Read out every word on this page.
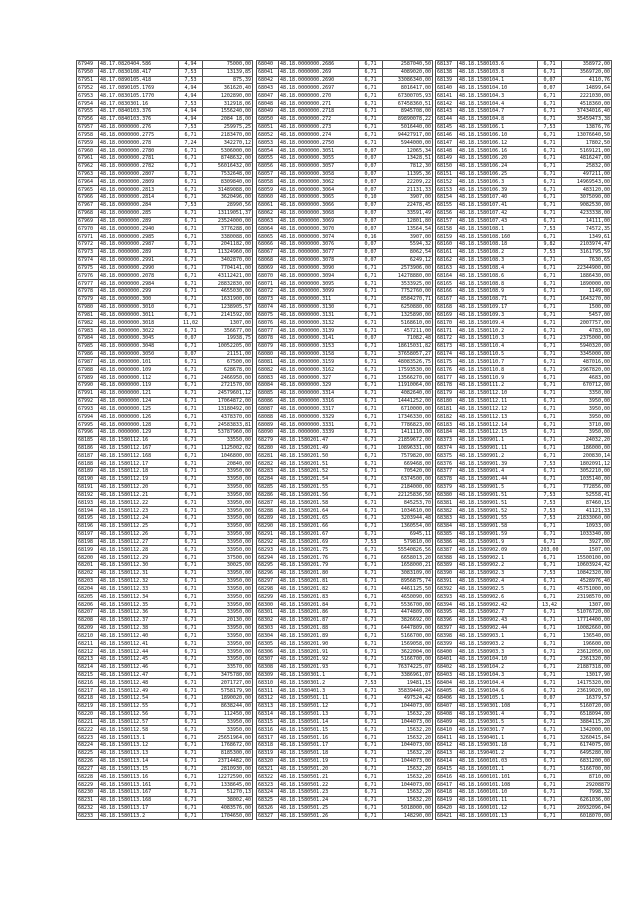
67949	48.17.0820404.586	4,94	75000,00
67950	48.17.0830108.417	7,53	13139,85
67951	48.17.0890105.418	7,53	875,39
67952	48.17.0890105.1769	4,94	361620,40
67953	48.17.0830105.1770	4,94	1202890,00
67954	48.17.0830301.16	7,53	312918,06
67955	48.17.0840103.376	4,94	1556240,00
67956	48.17.0840103.376	4,94	2084 18,00
67957	48.18.0000000.276	7,53	259975,25
67958	48.18.0000000.2775	6,71	2183470,00
67959	48.18.0000000.278	7,24	342270,12
67960	48.18.0000000.2780	6,71	5306000,00
67961	48.18.0000000.2781	6,71	8748632,00
67962	48.18.0000000.2782	6,71	56016432,00
67963	48.18.0000000.2807	6,71	7532648,00
67964	48.18.0000000.2809	6,71	8309840,00
67965	48.18.0000000.2813	6,71	31489088,00
67966	48.18.0000000.2814	6,71	3620496,00
67967	48.18.0000000.284	7,53	28990,56
67968	48.18.0000000.285	6,71	13119051,37
67969	48.18.0000000.289	6,71	23524000,00
67970	48.18.0000000.2940	6,71	3776288,00
67971	48.18.0000000.2985	6,71	3380088,00
67972	48.18.0000000.2987	6,71	2041182,00
67973	48.18.0000000.289	6,71	11324960,00
67974	48.18.0000000.2991	6,71	3402870,00
67975	48.18.0000000.2990	6,71	7704141,00
67976	48.18.0000000.2078	6,71	43112421,00
67977	48.18.0000000.2984	6,71	28832830,00
67978	48.18.0000000.299	6,71	4655030,00
67979	48.18.0000000.300	6,71	1631900,00
67980	48.18.0000000.3010	6,71	1238905,57
67981	48.18.0000000.3011	6,71	2141592,00
67982	48.18.0000000.3018	11,02	1307,00
67983	48.18.0000000.3022	6,71	356677,00
67984	48.18.0000000.3045	0,07	19938,75
67985	48.18.0000000.3048	6,71	10052205,00
67986	48.18.0000000.3050	0,07	21151,00
67987	48.18.0000000.101	6,71	67500,00
67988	48.18.0000000.109	6,71	628678,00
67989	48.18.0000000.112	6,71	2466950,00
67990	48.18.0000000.119	6,71	2721570,00
67991	48.18.0000000.121	6,71	24579601,12
67992	48.18.0000000.124	6,71	17064872,00
67993	48.18.0000000.125	6,71	13180492,00
67994	48.18.0000000.126	6,71	4378370,00
67995	48.18.0000000.128	6,71	24583833,81
67996	48.18.0000000.129	6,71	53787960,00
68185	48.18.1580112.16	6,71	33550,00
68186	48.18.1580112.167	6,71	1125002,02
68187	48.18.1580112.168	6,71	1046800,00
68188	48.18.1580112.17	6,71	20840,00
68189	48.18.1580112.18	6,71	33950,00
68190	48.18.1580112.19	6,71	33950,00
68191	48.18.1580112.20	6,71	33950,00
68192	48.18.1580112.21	6,71	33950,00
68193	48.18.1580112.22	6,71	33950,00
68194	48.18.1580112.23	6,71	33950,00
68195	48.18.1580112.24	6,71	33950,00
68196	48.18.1580112.25	6,71	33950,00
68197	48.18.1580112.26	6,71	33950,00
68198	48.18.1580112.27	6,71	33950,00
68199	48.18.1580112.28	6,71	33950,00
68200	48.18.1580112.29	6,71	37500,00
68201	48.18.1580112.30	6,71	30025,00
68202	48.18.1580112.31	6,71	33950,00
68203	48.18.1580112.32	6,71	33950,00
68204	48.18.1580112.33	6,71	33950,00
68205	48.18.1580112.34	6,71	33950,00
68206	48.18.1580112.35	6,71	33950,00
68207	48.18.1580112.36	6,71	33950,00
68208	48.18.1580112.37	6,71	20130,00
68209	48.18.1580112.38	6,71	33950,00
68210	48.18.1580112.40	6,71	33950,00
68211	48.18.1580112.41	6,71	33950,00
68212	48.18.1580112.44	6,71	33950,00
68213	48.18.1580112.45	6,71	33950,00
68214	48.18.1580112.46	6,71	33570,00
68215	48.18.1580112.47	6,71	3475780,00
68216	48.18.1580112.48	6,71	2071727,00
68217	48.18.1580112.49	6,71	5758179,90
68218	48.18.1580112.54	6,71	1890020,00
68219	48.18.1580112.55	6,71	8638244,00
68220	48.18.1580112.56	6,71	112450,00
68221	48.18.1580112.57	6,71	33950,00
68222	48.18.1580112.58	6,71	33950,00
68223	48.18.1580113.1	6,71	25651964,00
68224	48.18.1580113.12	6,71	1768672,00
68225	48.18.1580113.13	6,71	8185300,00
68226	48.18.1580113.14	6,71	23714482,00
68227	48.18.1580113.15	6,71	2810930,00
68228	48.18.1580113.16	6,71	12272590,00
68229	48.18.1580113.161	6,71	1338645,00
68230	48.18.1580113.167	6,71	51270,13
68231	48.18.1580113.168	6,71	38002,40
68232	48.18.1580113.17	6,71	4083576,00
68233	48.18.1580113.2	6,71	1704650,00
68040	48.18.0000000.2686	6,71	2587040,50
68041	48.18.0000000.269	6,71	4089020,00
68042	48.18.0000000.2690	6,71	33086340,00
68043	48.18.0000000.2697	6,71	8016417,00
68047	48.18.0000000.270	6,71	67300705,93
68048	48.18.0000000.271	6,71	67458360,51
68049	48.18.0000000.2718	6,71	8945708,00
68050	48.18.0000000.272	6,71	89890078,22
68051	48.18.0000000.273	6,71	5016440,00
68052	48.18.0000000.274	6,71	94427917,00
68053	48.18.0000000.2750	6,71	5944000,00
68054	48.18.0000000.3051	0,07	12065,34
68055	48.18.0000000.3055	0,07	13428,51
68056	48.18.0000000.3057	0,07	7812,30
68057	48.18.0000000.3058	0,07	11395,36
68058	48.18.0000000.3062	0,07	22209,22
68059	48.18.0000000.3064	0,07	21131,33
68060	48.18.0000000.3065	0,10	3907,00
68061	48.18.0000000.3066	0,07	22478,45
68062	48.18.0000000.3068	0,07	33591,49
68063	48.18.0000000.3069	0,07	12801,80
68064	48.18.0000000.3070	0,07	13564,54
68065	48.18.0000000.3074	0,16	3907,00
68066	48.18.0000000.3076	0,07	5594,32
68067	48.18.0000000.3077	0,07	8062,54
68068	48.18.0000000.3078	0,07	6249,12
68069	48.18.0000000.3090	6,71	2573906,00
68070	48.18.0000000.3094	6,71	14278880,00
68071	48.18.0000000.3095	6,71	3533925,00
68072	48.18.0000000.3099	6,71	7752760,00
68073	48.18.0000000.311	6,71	8584270,71
68074	48.18.0000000.3130	6,71	6250880,00
68075	48.18.0000000.3131	6,71	1325890,00
68076	48.18.0000000.3132	6,71	5168610,00
68077	48.18.0000000.3139	6,71	457211,00
68078	48.18.0000000.3141	0,07	71082,48
68079	48.18.0000000.3153	6,71	18615031,82
68080	48.18.0000000.3158	6,71	37658057,27
68081	48.18.0000000.3159	6,71	48083526,75
68082	48.18.0000000.3162	6,71	17593530,00
68083	48.18.0000000.327	6,71	13566270,00
68084	48.18.0000000.329	6,71	11910064,00
68085	48.18.0000000.3314	6,71	4082640,00
68086	48.18.0000000.3316	6,71	14441252,00
68087	48.18.0000000.3317	6,71	6710000,00
68088	48.18.0000000.3329	6,71	17346330,00
68089	48.18.0000000.3331	6,71	7786823,00
68090	48.18.0000000.3339	6,71	1411110,00
68279	48.18.1580201.47	6,71	21859672,00
68280	48.18.1580201.49	6,71	10896331,00
68281	48.18.1580201.50	6,71	7579820,00
68282	48.18.1580201.51	6,71	669468,00
68283	48.18.1580201.52	6,71	705420,00
68284	48.18.1580201.54	6,71	6374500,00
68285	48.18.1580201.55	6,71	2184000,00
68286	48.18.1580201.56	6,71	22125836,50
68287	48.18.1580201.58	6,71	845253,70
68288	48.18.1580201.64	6,71	1034610,00
68289	48.18.1580201.65	6,71	3203944,48
68290	48.18.1580201.66	6,71	1360554,00
68291	48.18.1580201.67	6,71	6945,11
68292	48.18.1580201.69	7,53	579810,00
68293	48.18.1580201.75	6,71	55540826,56
68294	48.18.1580201.76	6,71	6658013,20
68295	48.18.1580201.79	6,71	1658000,21
68296	48.18.1580201.80	6,71	3083109,00
68297	48.18.1580201.81	6,71	8956875,74
68298	48.18.1580201.82	6,71	4461125,50
68299	48.18.1580201.83	6,71	4650090,00
68300	48.18.1580201.84	6,71	5536700,00
68301	48.18.1580201.86	6,71	4474809,00
68302	48.18.1580201.87	6,71	3826692,00
68303	48.18.1580201.88	6,71	6447809,00
68304	48.18.1580201.89	6,71	5166700,00
68305	48.18.1580201.90	6,71	1569058,00
68306	48.18.1580201.91	6,71	3622004,00
68307	48.18.1580201.92	6,71	5166700,00
68308	48.18.1580201.93	6,71	76374225,07
68309	48.18.1580301.1	6,71	3386961,07
68310	48.18.1580301.2	7,53	19481,15
68311	48.18.1580401.3	6,71	35839440,24
68312	48.18.1580501.11	6,71	497524,42
68313	48.18.1580501.12	6,71	1044073,00
68314	48.18.1580501.13	6,71	15632,20
68315	48.18.1580501.14	6,71	1044073,00
68316	48.18.1580501.15	6,71	15632,20
68317	48.18.1580501.16	6,71	15632,20
68318	48.18.1580501.17	6,71	1044073,00
68319	48.18.1580501.18	6,71	15632,20
68320	48.18.1580501.19	6,71	1044073,00
68321	48.18.1580501.20	6,71	15632,20
68322	48.18.1580501.21	6,71	15632,20
68323	48.18.1580501.22	6,71	1044073,00
68324	48.18.1580501.23	6,71	15632,20
68325	48.18.1580501.24	6,71	15632,20
68326	48.18.1580501.25	6,71	5018000,00
68327	48.18.1580501.26	6,71	148290,00
68137	48.18.1580103.6	6,71	358972,00
68138	48.18.1580103.8	6,71	3569720,00
68139	48.18.1580104.1	0,07	4110,76
68140	48.18.1580104.10	0,07	14899,64
68141	48.18.1580104.3	6,71	2221030,00
68142	48.18.1580104.4	6,71	4518360,00
68143	48.18.1580104.7	6,71	37434016,40
68144	48.18.1580104.8	6,71	35459473,38
68145	48.18.1580106.1	7,53	13876,76
68146	48.18.1580106.10	6,71	13076640,50
68147	48.18.1580106.12	6,71	17802,50
68148	48.18.1580106.16	6,71	5169121,00
68149	48.18.1580106.20	6,71	4816247,00
68150	48.18.1580106.24	6,71	25832,00
68151	48.18.1580106.25	6,71	497211,00
68152	48.18.1580106.3	6,71	14969543,00
68153	48.18.1580106.39	6,71	483120,00
68154	48.18.1580107.40	6,71	3075090,00
68155	48.18.1580107.41	6,71	9082530,00
68156	48.18.1580107.42	6,71	4233338,00
68157	48.18.1580107.43	6,71	14111,00
68158	48.18.1580108.1	7,53	74572,35
68159	48.18.1580108.160	6,71	1349,61
68160	48.18.1580108.18	9,82	2103974,47
68161	48.18.1580108.2	7,53	3161795,59
68162	48.18.1580108.3	6,71	7630,65
68163	48.18.1580108.4	6,71	22344900,00
68164	48.18.1580108.6	6,71	1886430,00
68165	48.18.1580108.8	6,71	1890000,00
68166	48.18.1580108.9	6,71	1149,00
68167	48.18.1580108.71	6,71	1643270,00
68168	48.18.1580109.17	6,71	1500,00
68169	48.18.1580109.3	6,71	5457,00
68170	48.18.1580109.4	6,71	2007757,00
68171	48.18.1580110.2	6,71	4783,00
68172	48.18.1580110.3	6,71	2375000,00
68173	48.18.1580110.4	6,71	5940320,00
68174	48.18.1580110.5	6,71	3345000,00
68175	48.18.1580110.7	6,71	487016,00
68176	48.18.1580110.8	6,71	2967820,00
68177	48.18.1580110.9	6,71	4683,00
68178	48.18.1580111.2	6,71	670712,00
68179	48.18.1580112.10	6,71	3350,00
68180	48.18.1580112.11	6,71	3950,00
68181	48.18.1580112.12	6,71	3950,00
68182	48.18.1580112.13	6,71	3950,00
68183	48.18.1580112.14	6,71	3710,00
68184	48.18.1580112.15	6,71	3950,00
68373	48.18.1580901.1	6,71	24032,20
68374	48.18.1580901.11	6,71	186000,00
68375	48.18.1580901.2	6,71	200830,14
68376	48.18.1580901.39	7,53	1802091,12
68377	48.18.1580901.4	6,71	3052210,00
68378	48.18.1580901.44	6,71	1035140,00
68379	48.18.1580901.5	6,71	772856,00
68380	48.18.1580901.51	7,53	52558,41
68381	48.18.1580901.51	7,53	87460,15
68382	48.18.1580901.52	7,53	41121,33
68383	48.18.1580901.55	7,53	21833060,00
68384	48.18.1580901.58	6,71	10933,00
68385	48.18.1580901.59	6,71	1033340,00
68386	48.18.1580901.9	6,71	3927,00
68387	48.18.1580902.09	203,00	1507,00
68388	48.18.1580902.1	6,71	15500100,00
68389	48.18.1580902.2	6,71	10603924,42
68390	48.18.1580902.3	7,53	10842320,00
68391	48.18.1580902.4	6,71	4528976,40
68392	48.18.1580902.5	6,71	45751000,00
68393	48.18.1580902.6	6,71	23198570,00
68394	48.18.1580902.42	13,42	1307,00
68395	48.18.1580902.7	6,71	51076720,00
68396	48.18.1580902.43	6,71	17714400,00
68397	48.18.1580902.44	6,71	10082660,00
68398	48.18.1580903.1	6,71	136540,00
68399	48.18.1580903.2	6,71	196600,00
68400	48.18.1580903.3	6,71	23612050,00
68401	48.18.1590104.10	6,71	2361320,00
68402	48.18.1590104.2	6,71	21887318,00
68403	48.18.1590104.3	6,71	13017,90
68404	48.18.1590104.4	6,71	14175320,00
68405	48.18.1590104.6	6,71	23619020,00
68406	48.18.1590105.1	0,07	16379,57
68407	48.18.1590301.108	6,71	5160720,00
68408	48.18.1590301.4	6,71	6518094,00
68409	48.18.1590301.5	6,71	3884115,20
68410	48.18.1590301.7	6,71	1342000,00
68411	48.18.1590401.1	6,71	3260415,84
68412	48.18.1590301.18	6,71	6174075,00
68413	48.18.1590401.2	6,71	6495280,00
68414	48.18.1600101.03	6,71	6831200,00
68415	48.18.1600101.1	6,71	5166700,00
68416	48.18.1600101.101	6,71	8710,00
68417	48.18.1600101.108	6,71	29208879
68418	48.18.1600101.10	6,71	7998,32
68419	48.18.1600101.11	6,71	6261036,00
68420	48.18.1600101.12	6,71	20932096,04
68421	48.18.1600101.13	6,71	6018070,00
